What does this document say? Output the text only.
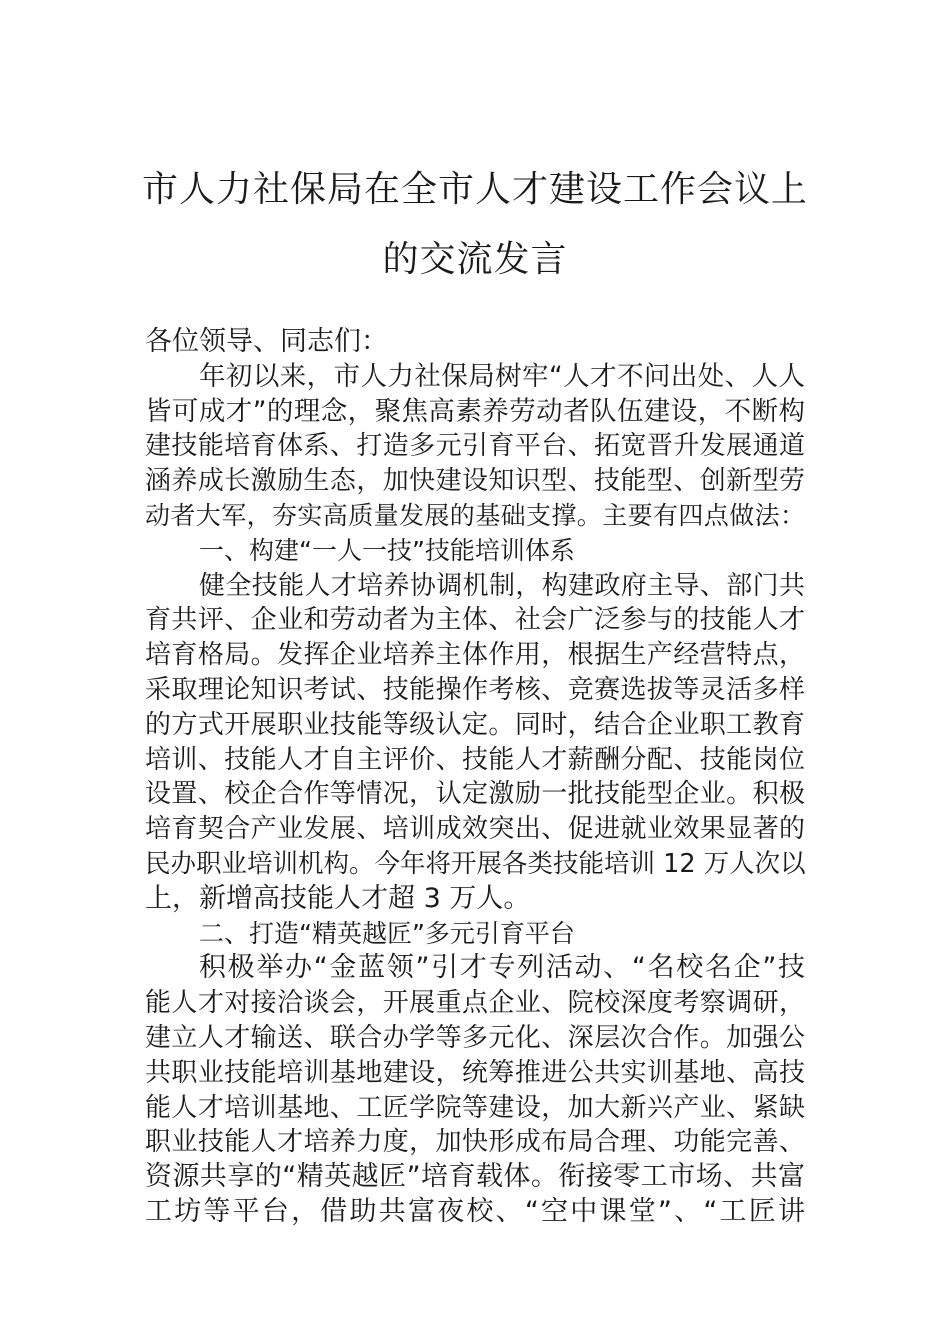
市人力社保局在全市人才建设工作会议上
的交流发言
各位领导、同志们：
年初以来，市人力社保局树牢“人才不问出处、人人
皆可成才”的理念，聚焦高素养劳动者队伍建设，不断构
建技能培育体系、打造多元引育平台、拓宽晋升发展通道
涵养成长激励生态，加快建设知识型、技能型、创新型劳
动者大军，夯实高质量发展的基础支撑。主要有四点做法：
一、构建“一人一技”技能培训体系
健全技能人才培养协调机制，构建政府主导、部门共
育共评、企业和劳动者为主体、社会广泛参与的技能人才
培育格局。发挥企业培养主体作用，根据生产经营特点，
采取理论知识考试、技能操作考核、竞赛选拔等灵活多样
的方式开展职业技能等级认定。同时，结合企业职工教育
培训、技能人才自主评价、技能人才薪酬分配、技能岗位
设置、校企合作等情况，认定激励一批技能型企业。积极
培育契合产业发展、培训成效突出、促进就业效果显著的
民办职业培训机构。今年将开展各类技能培训 12 万人次以
上，新增高技能人才超 3 万人。
二、打造“精英越匠”多元引育平台
积极举办“金蓝领”引才专列活动、“名校名企”技
能人才对接洽谈会，开展重点企业、院校深度考察调研，
建立人才输送、联合办学等多元化、深层次合作。加强公
共职业技能培训基地建设，统筹推进公共实训基地、高技
能人才培训基地、工匠学院等建设，加大新兴产业、紧缺
职业技能人才培养力度，加快形成布局合理、功能完善、
资源共享的“精英越匠”培育载体。衔接零工市场、共富
工坊等平台，借助共富夜校、“空中课堂”、“工匠讲
